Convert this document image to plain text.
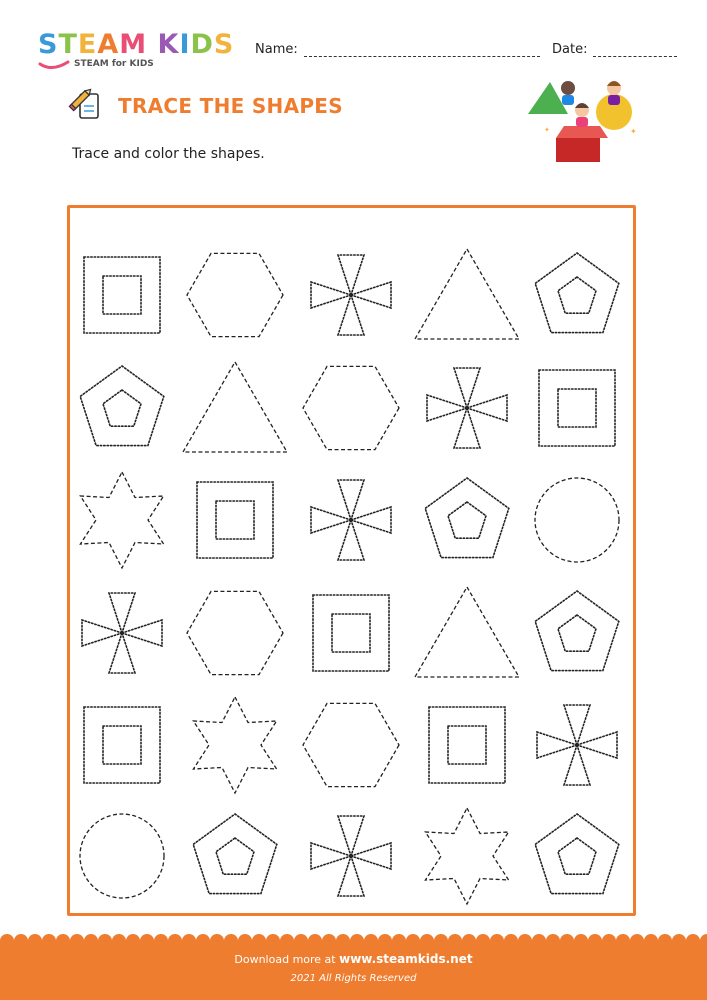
S T E A M
K I D S
STEAM for KIDS
Name:	Date:
TRACE THE SHAPES
Trace and color the shapes.
✦
✦
Download more at www.steamkids.net
2021 All Rights Reserved
